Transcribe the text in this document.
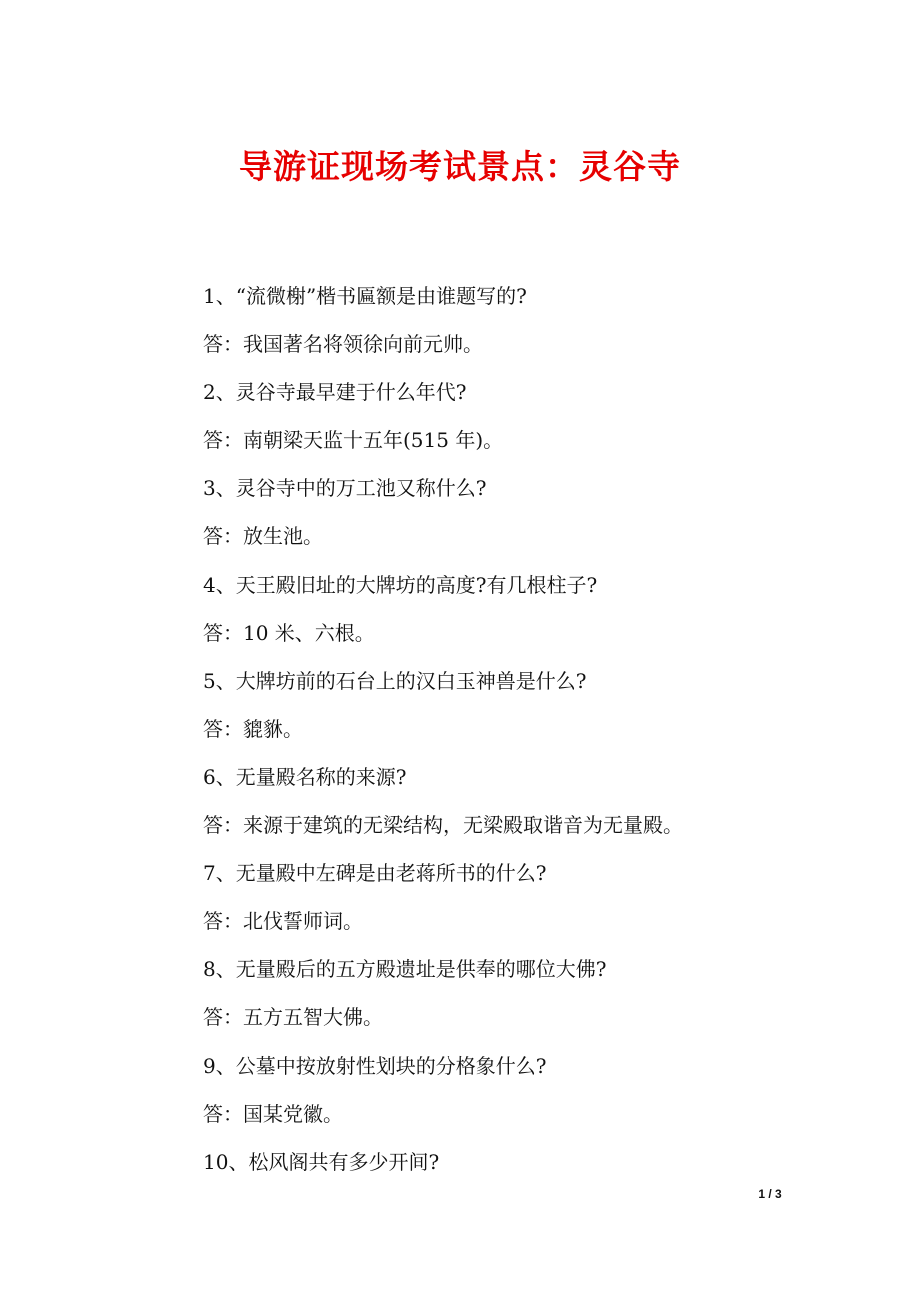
导游证现场考试景点：灵谷寺
1、“流微榭”楷书匾额是由谁题写的?
答：我国著名将领徐向前元帅。
2、灵谷寺最早建于什么年代?
答：南朝梁天监十五年(515 年)。
3、灵谷寺中的万工池又称什么?
答：放生池。
4、天王殿旧址的大牌坊的高度?有几根柱子?
答：10 米、六根。
5、大牌坊前的石台上的汉白玉神兽是什么?
答：貔貅。
6、无量殿名称的来源?
答：来源于建筑的无梁结构，无梁殿取谐音为无量殿。
7、无量殿中左碑是由老蒋所书的什么?
答：北伐誓师词。
8、无量殿后的五方殿遗址是供奉的哪位大佛?
答：五方五智大佛。
9、公墓中按放射性划块的分格象什么?
答：国某党徽。
10、松风阁共有多少开间?
1 / 3
